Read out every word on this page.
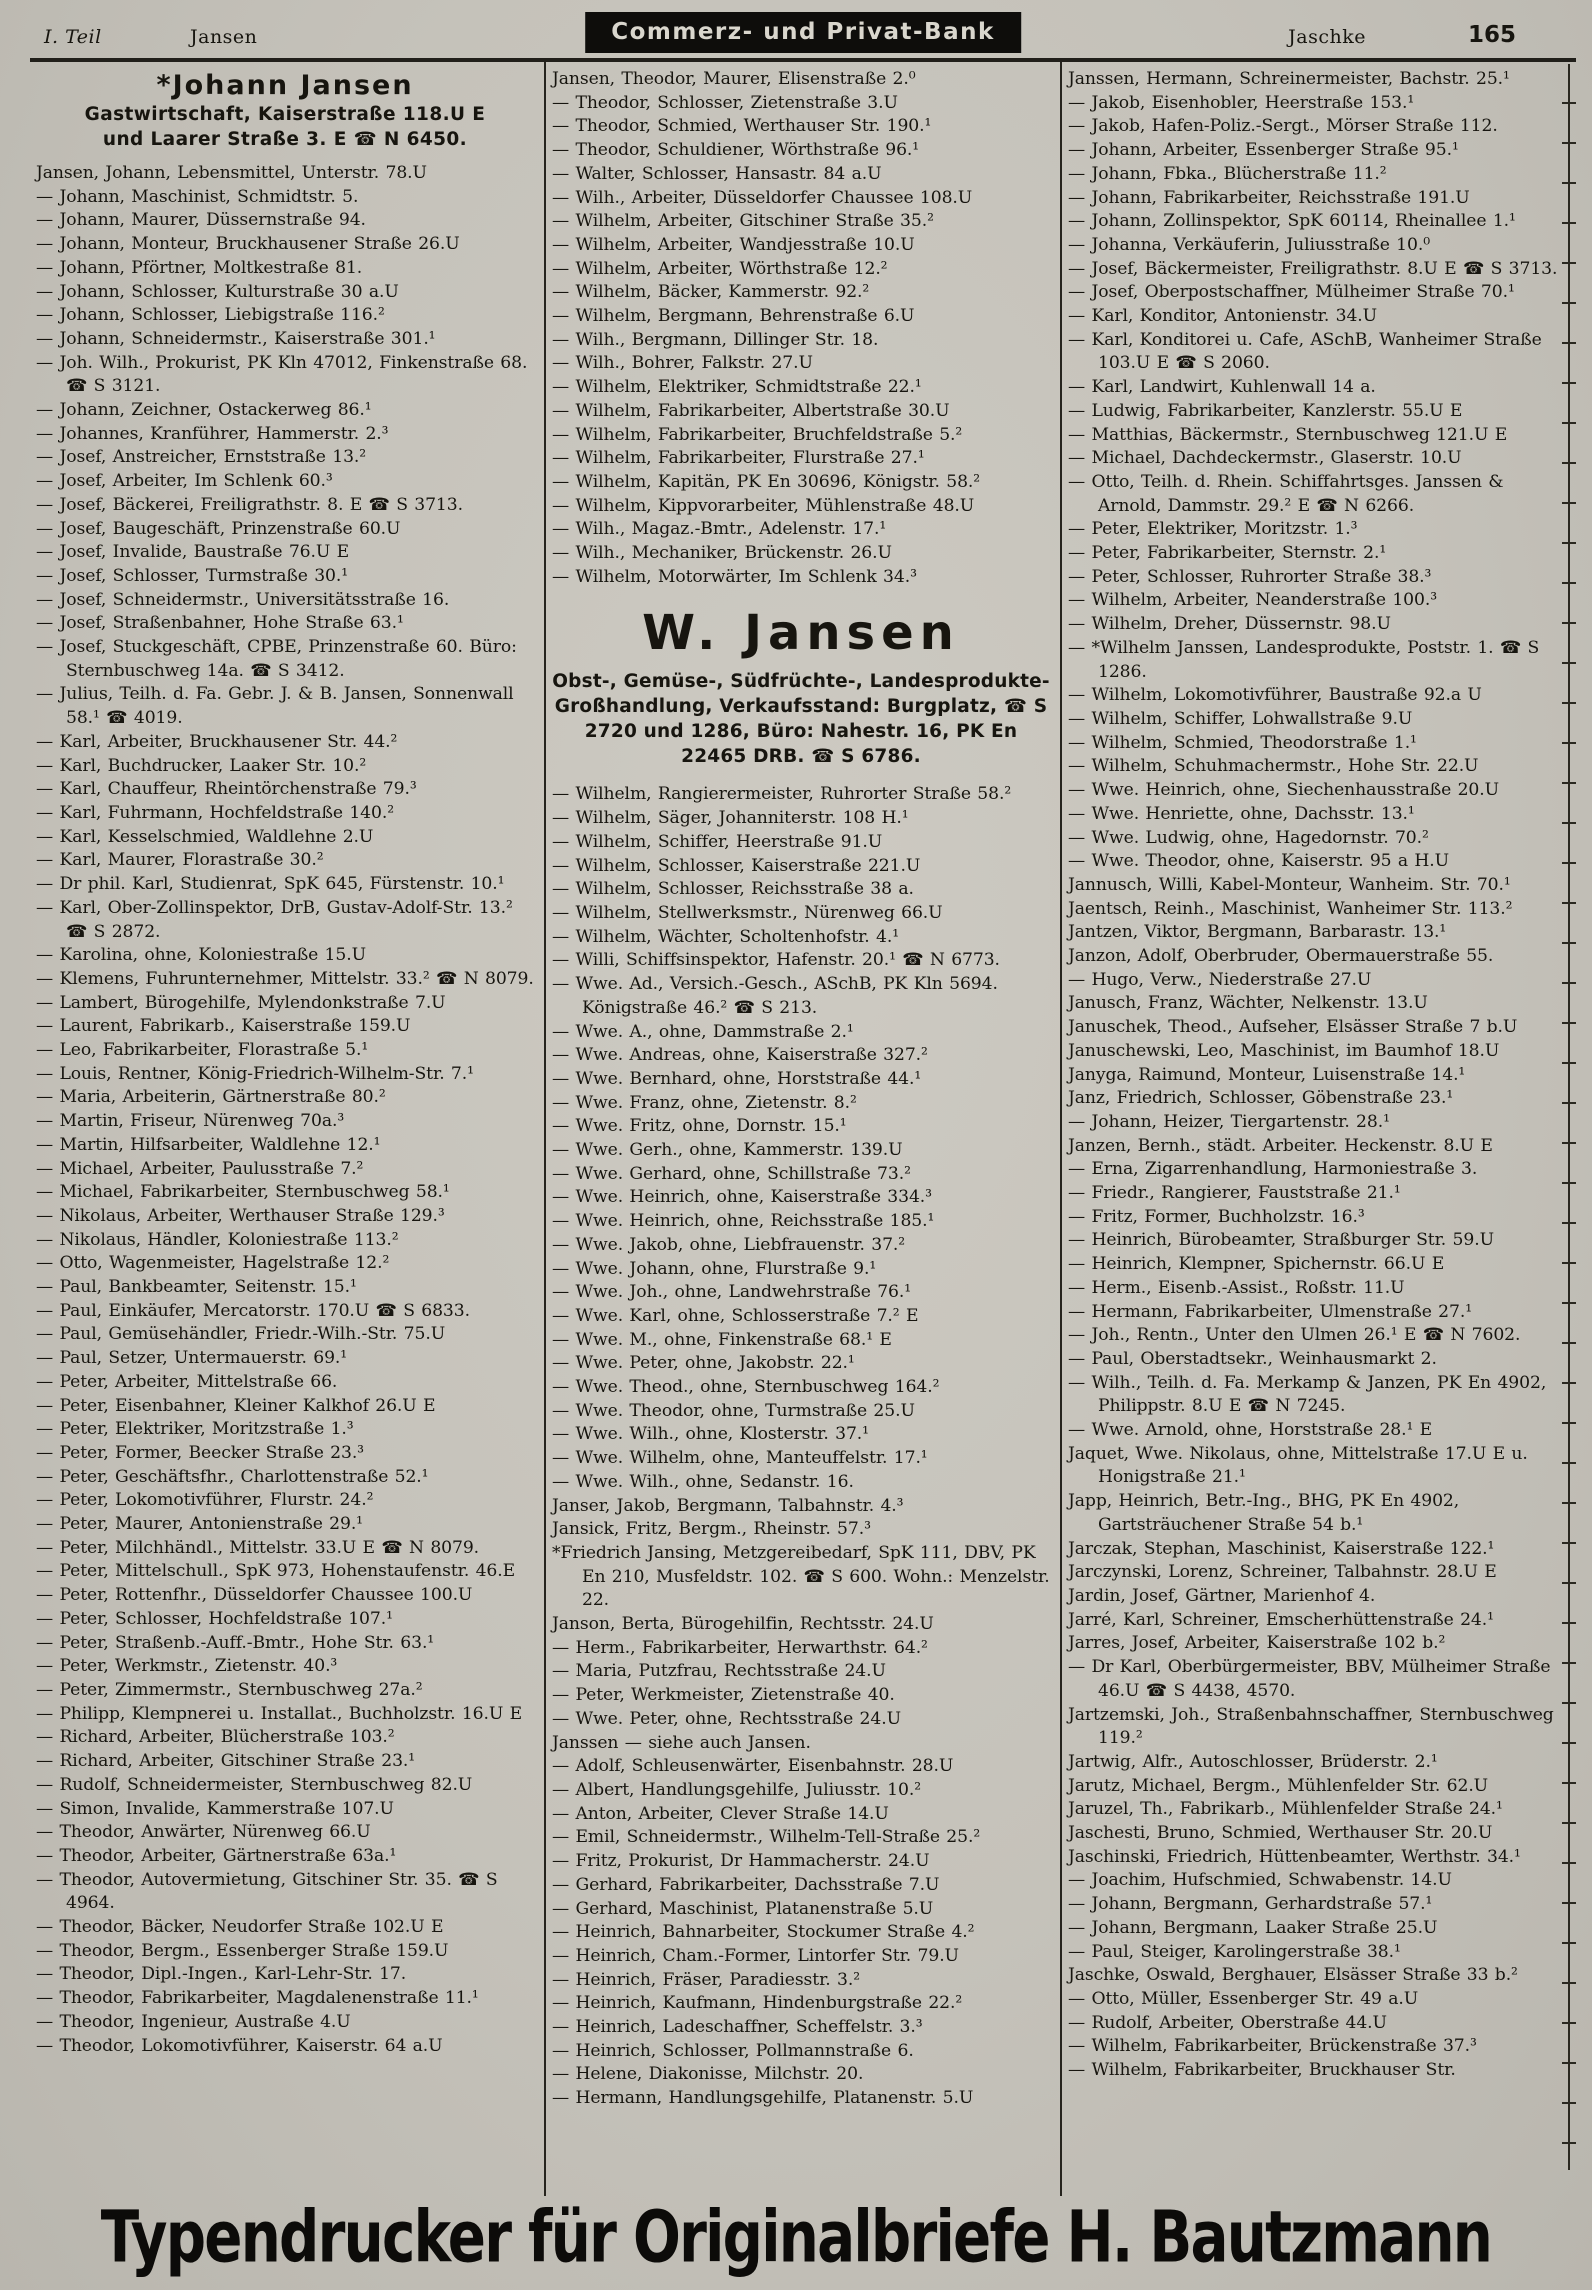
I. Teil	Jansen	Commerz- und Privat-Bank	Jaschke	165
*Johann Jansen
Gastwirtschaft, Kaiserstraße 118.U E
und Laarer Straße 3. E ☎ N 6450.
Jansen, Johann, Lebensmittel, Unterstr. 78.U
— Johann, Maschinist, Schmidtstr. 5.
— Johann, Maurer, Düssernstraße 94.
— Johann, Monteur, Bruckhausener Straße 26.U
— Johann, Pförtner, Moltkestraße 81.
— Johann, Schlosser, Kulturstraße 30 a.U
— Johann, Schlosser, Liebigstraße 116.²
— Johann, Schneidermstr., Kaiserstraße 301.¹
— Joh. Wilh., Prokurist, PK Kln 47012, Finkenstraße 68. ☎ S 3121.
— Johann, Zeichner, Ostackerweg 86.¹
— Johannes, Kranführer, Hammerstr. 2.³
— Josef, Anstreicher, Ernststraße 13.²
— Josef, Arbeiter, Im Schlenk 60.³
— Josef, Bäckerei, Freiligrathstr. 8. E ☎ S 3713.
— Josef, Baugeschäft, Prinzenstraße 60.U
— Josef, Invalide, Baustraße 76.U E
— Josef, Schlosser, Turmstraße 30.¹
— Josef, Schneidermstr., Universitätsstraße 16.
— Josef, Straßenbahner, Hohe Straße 63.¹
— Josef, Stuckgeschäft, CPBE, Prinzenstraße 60. Büro: Sternbuschweg 14a. ☎ S 3412.
— Julius, Teilh. d. Fa. Gebr. J. & B. Jansen, Sonnenwall 58.¹ ☎ 4019.
— Karl, Arbeiter, Bruckhausener Str. 44.²
— Karl, Buchdrucker, Laaker Str. 10.²
— Karl, Chauffeur, Rheintörchenstraße 79.³
— Karl, Fuhrmann, Hochfeldstraße 140.²
— Karl, Kesselschmied, Waldlehne 2.U
— Karl, Maurer, Florastraße 30.²
— Dr phil. Karl, Studienrat, SpK 645, Fürstenstr. 10.¹
— Karl, Ober-Zollinspektor, DrB, Gustav-Adolf-Str. 13.² ☎ S 2872.
— Karolina, ohne, Koloniestraße 15.U
— Klemens, Fuhrunternehmer, Mittelstr. 33.² ☎ N 8079.
— Lambert, Bürogehilfe, Mylendonkstraße 7.U
— Laurent, Fabrikarb., Kaiserstraße 159.U
— Leo, Fabrikarbeiter, Florastraße 5.¹
— Louis, Rentner, König-Friedrich-Wilhelm-Str. 7.¹
— Maria, Arbeiterin, Gärtnerstraße 80.²
— Martin, Friseur, Nürenweg 70a.³
— Martin, Hilfsarbeiter, Waldlehne 12.¹
— Michael, Arbeiter, Paulusstraße 7.²
— Michael, Fabrikarbeiter, Sternbuschweg 58.¹
— Nikolaus, Arbeiter, Werthauser Straße 129.³
— Nikolaus, Händler, Koloniestraße 113.²
— Otto, Wagenmeister, Hagelstraße 12.²
— Paul, Bankbeamter, Seitenstr. 15.¹
— Paul, Einkäufer, Mercatorstr. 170.U ☎ S 6833.
— Paul, Gemüsehändler, Friedr.-Wilh.-Str. 75.U
— Paul, Setzer, Untermauerstr. 69.¹
— Peter, Arbeiter, Mittelstraße 66.
— Peter, Eisenbahner, Kleiner Kalkhof 26.U E
— Peter, Elektriker, Moritzstraße 1.³
— Peter, Former, Beecker Straße 23.³
— Peter, Geschäftsfhr., Charlottenstraße 52.¹
— Peter, Lokomotivführer, Flurstr. 24.²
— Peter, Maurer, Antonienstraße 29.¹
— Peter, Milchhändl., Mittelstr. 33.U E ☎ N 8079.
— Peter, Mittelschull., SpK 973, Hohenstaufenstr. 46.E
— Peter, Rottenfhr., Düsseldorfer Chaussee 100.U
— Peter, Schlosser, Hochfeldstraße 107.¹
— Peter, Straßenb.-Auff.-Bmtr., Hohe Str. 63.¹
— Peter, Werkmstr., Zietenstr. 40.³
— Peter, Zimmermstr., Sternbuschweg 27a.²
— Philipp, Klempnerei u. Installat., Buchholzstr. 16.U E
— Richard, Arbeiter, Blücherstraße 103.²
— Richard, Arbeiter, Gitschiner Straße 23.¹
— Rudolf, Schneidermeister, Sternbuschweg 82.U
— Simon, Invalide, Kammerstraße 107.U
— Theodor, Anwärter, Nürenweg 66.U
— Theodor, Arbeiter, Gärtnerstraße 63a.¹
— Theodor, Autovermietung, Gitschiner Str. 35. ☎ S 4964.
— Theodor, Bäcker, Neudorfer Straße 102.U E
— Theodor, Bergm., Essenberger Straße 159.U
— Theodor, Dipl.-Ingen., Karl-Lehr-Str. 17.
— Theodor, Fabrikarbeiter, Magdalenenstraße 11.¹
— Theodor, Ingenieur, Austraße 4.U
— Theodor, Lokomotivführer, Kaiserstr. 64 a.U
Jansen, Theodor, Maurer, Elisenstraße 2.⁰
— Theodor, Schlosser, Zietenstraße 3.U
— Theodor, Schmied, Werthauser Str. 190.¹
— Theodor, Schuldiener, Wörthstraße 96.¹
— Walter, Schlosser, Hansastr. 84 a.U
— Wilh., Arbeiter, Düsseldorfer Chaussee 108.U
— Wilhelm, Arbeiter, Gitschiner Straße 35.²
— Wilhelm, Arbeiter, Wandjesstraße 10.U
— Wilhelm, Arbeiter, Wörthstraße 12.²
— Wilhelm, Bäcker, Kammerstr. 92.²
— Wilhelm, Bergmann, Behrenstraße 6.U
— Wilh., Bergmann, Dillinger Str. 18.
— Wilh., Bohrer, Falkstr. 27.U
— Wilhelm, Elektriker, Schmidtstraße 22.¹
— Wilhelm, Fabrikarbeiter, Albertstraße 30.U
— Wilhelm, Fabrikarbeiter, Bruchfeldstraße 5.²
— Wilhelm, Fabrikarbeiter, Flurstraße 27.¹
— Wilhelm, Kapitän, PK En 30696, Königstr. 58.²
— Wilhelm, Kippvorarbeiter, Mühlenstraße 48.U
— Wilh., Magaz.-Bmtr., Adelenstr. 17.¹
— Wilh., Mechaniker, Brückenstr. 26.U
— Wilhelm, Motorwärter, Im Schlenk 34.³
W. Jansen
Obst-, Gemüse-, Südfrüchte-, Landesprodukte-Großhandlung, Verkaufsstand: Burgplatz, ☎ S 2720 und 1286, Büro: Nahestr. 16, PK En 22465 DRB. ☎ S 6786.
— Wilhelm, Rangierermeister, Ruhrorter Straße 58.²
— Wilhelm, Säger, Johanniterstr. 108 H.¹
— Wilhelm, Schiffer, Heerstraße 91.U
— Wilhelm, Schlosser, Kaiserstraße 221.U
— Wilhelm, Schlosser, Reichsstraße 38 a.
— Wilhelm, Stellwerksmstr., Nürenweg 66.U
— Wilhelm, Wächter, Scholtenhofstr. 4.¹
— Willi, Schiffsinspektor, Hafenstr. 20.¹ ☎ N 6773.
— Wwe. Ad., Versich.-Gesch., ASchB, PK Kln 5694. Königstraße 46.² ☎ S 213.
— Wwe. A., ohne, Dammstraße 2.¹
— Wwe. Andreas, ohne, Kaiserstraße 327.²
— Wwe. Bernhard, ohne, Horststraße 44.¹
— Wwe. Franz, ohne, Zietenstr. 8.²
— Wwe. Fritz, ohne, Dornstr. 15.¹
— Wwe. Gerh., ohne, Kammerstr. 139.U
— Wwe. Gerhard, ohne, Schillstraße 73.²
— Wwe. Heinrich, ohne, Kaiserstraße 334.³
— Wwe. Heinrich, ohne, Reichsstraße 185.¹
— Wwe. Jakob, ohne, Liebfrauenstr. 37.²
— Wwe. Johann, ohne, Flurstraße 9.¹
— Wwe. Joh., ohne, Landwehrstraße 76.¹
— Wwe. Karl, ohne, Schlosserstraße 7.² E
— Wwe. M., ohne, Finkenstraße 68.¹ E
— Wwe. Peter, ohne, Jakobstr. 22.¹
— Wwe. Theod., ohne, Sternbuschweg 164.²
— Wwe. Theodor, ohne, Turmstraße 25.U
— Wwe. Wilh., ohne, Klosterstr. 37.¹
— Wwe. Wilhelm, ohne, Manteuffelstr. 17.¹
— Wwe. Wilh., ohne, Sedanstr. 16.
Janser, Jakob, Bergmann, Talbahnstr. 4.³
Jansick, Fritz, Bergm., Rheinstr. 57.³
*Friedrich Jansing, Metzgereibedarf, SpK 111, DBV, PK En 210, Musfeldstr. 102. ☎ S 600. Wohn.: Menzelstr. 22.
Janson, Berta, Bürogehilfin, Rechtsstr. 24.U
— Herm., Fabrikarbeiter, Herwarthstr. 64.²
— Maria, Putzfrau, Rechtsstraße 24.U
— Peter, Werkmeister, Zietenstraße 40.
— Wwe. Peter, ohne, Rechtsstraße 24.U
Janssen — siehe auch Jansen.
— Adolf, Schleusenwärter, Eisenbahnstr. 28.U
— Albert, Handlungsgehilfe, Juliusstr. 10.²
— Anton, Arbeiter, Clever Straße 14.U
— Emil, Schneidermstr., Wilhelm-Tell-Straße 25.²
— Fritz, Prokurist, Dr Hammacherstr. 24.U
— Gerhard, Fabrikarbeiter, Dachsstraße 7.U
— Gerhard, Maschinist, Platanenstraße 5.U
— Heinrich, Bahnarbeiter, Stockumer Straße 4.²
— Heinrich, Cham.-Former, Lintorfer Str. 79.U
— Heinrich, Fräser, Paradiesstr. 3.²
— Heinrich, Kaufmann, Hindenburgstraße 22.²
— Heinrich, Ladeschaffner, Scheffelstr. 3.³
— Heinrich, Schlosser, Pollmannstraße 6.
— Helene, Diakonisse, Milchstr. 20.
— Hermann, Handlungsgehilfe, Platanenstr. 5.U
Janssen, Hermann, Schreinermeister, Bachstr. 25.¹
— Jakob, Eisenhobler, Heerstraße 153.¹
— Jakob, Hafen-Poliz.-Sergt., Mörser Straße 112.
— Johann, Arbeiter, Essenberger Straße 95.¹
— Johann, Fbka., Blücherstraße 11.²
— Johann, Fabrikarbeiter, Reichsstraße 191.U
— Johann, Zollinspektor, SpK 60114, Rheinallee 1.¹
— Johanna, Verkäuferin, Juliusstraße 10.⁰
— Josef, Bäckermeister, Freiligrathstr. 8.U E ☎ S 3713.
— Josef, Oberpostschaffner, Mülheimer Straße 70.¹
— Karl, Konditor, Antonienstr. 34.U
— Karl, Konditorei u. Cafe, ASchB, Wanheimer Straße 103.U E ☎ S 2060.
— Karl, Landwirt, Kuhlenwall 14 a.
— Ludwig, Fabrikarbeiter, Kanzlerstr. 55.U E
— Matthias, Bäckermstr., Sternbuschweg 121.U E
— Michael, Dachdeckermstr., Glaserstr. 10.U
— Otto, Teilh. d. Rhein. Schiffahrtsges. Janssen & Arnold, Dammstr. 29.² E ☎ N 6266.
— Peter, Elektriker, Moritzstr. 1.³
— Peter, Fabrikarbeiter, Sternstr. 2.¹
— Peter, Schlosser, Ruhrorter Straße 38.³
— Wilhelm, Arbeiter, Neanderstraße 100.³
— Wilhelm, Dreher, Düssernstr. 98.U
— *Wilhelm Janssen, Landesprodukte, Poststr. 1. ☎ S 1286.
— Wilhelm, Lokomotivführer, Baustraße 92.a U
— Wilhelm, Schiffer, Lohwallstraße 9.U
— Wilhelm, Schmied, Theodorstraße 1.¹
— Wilhelm, Schuhmachermstr., Hohe Str. 22.U
— Wwe. Heinrich, ohne, Siechenhausstraße 20.U
— Wwe. Henriette, ohne, Dachsstr. 13.¹
— Wwe. Ludwig, ohne, Hagedornstr. 70.²
— Wwe. Theodor, ohne, Kaiserstr. 95 a H.U
Jannusch, Willi, Kabel-Monteur, Wanheim. Str. 70.¹
Jaentsch, Reinh., Maschinist, Wanheimer Str. 113.²
Jantzen, Viktor, Bergmann, Barbarastr. 13.¹
Janzon, Adolf, Oberbruder, Obermauerstraße 55.
— Hugo, Verw., Niederstraße 27.U
Janusch, Franz, Wächter, Nelkenstr. 13.U
Januschek, Theod., Aufseher, Elsässer Straße 7 b.U
Januschewski, Leo, Maschinist, im Baumhof 18.U
Janyga, Raimund, Monteur, Luisenstraße 14.¹
Janz, Friedrich, Schlosser, Göbenstraße 23.¹
— Johann, Heizer, Tiergartenstr. 28.¹
Janzen, Bernh., städt. Arbeiter. Heckenstr. 8.U E
— Erna, Zigarrenhandlung, Harmoniestraße 3.
— Friedr., Rangierer, Fauststraße 21.¹
— Fritz, Former, Buchholzstr. 16.³
— Heinrich, Bürobeamter, Straßburger Str. 59.U
— Heinrich, Klempner, Spichernstr. 66.U E
— Herm., Eisenb.-Assist., Roßstr. 11.U
— Hermann, Fabrikarbeiter, Ulmenstraße 27.¹
— Joh., Rentn., Unter den Ulmen 26.¹ E ☎ N 7602.
— Paul, Oberstadtsekr., Weinhausmarkt 2.
— Wilh., Teilh. d. Fa. Merkamp & Janzen, PK En 4902, Philippstr. 8.U E ☎ N 7245.
— Wwe. Arnold, ohne, Horststraße 28.¹ E
Jaquet, Wwe. Nikolaus, ohne, Mittelstraße 17.U E u. Honigstraße 21.¹
Japp, Heinrich, Betr.-Ing., BHG, PK En 4902, Gartsträuchener Straße 54 b.¹
Jarczak, Stephan, Maschinist, Kaiserstraße 122.¹
Jarczynski, Lorenz, Schreiner, Talbahnstr. 28.U E
Jardin, Josef, Gärtner, Marienhof 4.
Jarré, Karl, Schreiner, Emscherhüttenstraße 24.¹
Jarres, Josef, Arbeiter, Kaiserstraße 102 b.²
— Dr Karl, Oberbürgermeister, BBV, Mülheimer Straße 46.U ☎ S 4438, 4570.
Jartzemski, Joh., Straßenbahnschaffner, Sternbuschweg 119.²
Jartwig, Alfr., Autoschlosser, Brüderstr. 2.¹
Jarutz, Michael, Bergm., Mühlenfelder Str. 62.U
Jaruzel, Th., Fabrikarb., Mühlenfelder Straße 24.¹
Jaschesti, Bruno, Schmied, Werthauser Str. 20.U
Jaschinski, Friedrich, Hüttenbeamter, Werthstr. 34.¹
— Joachim, Hufschmied, Schwabenstr. 14.U
— Johann, Bergmann, Gerhardstraße 57.¹
— Johann, Bergmann, Laaker Straße 25.U
— Paul, Steiger, Karolingerstraße 38.¹
Jaschke, Oswald, Berghauer, Elsässer Straße 33 b.²
— Otto, Müller, Essenberger Str. 49 a.U
— Rudolf, Arbeiter, Oberstraße 44.U
— Wilhelm, Fabrikarbeiter, Brückenstraße 37.³
— Wilhelm, Fabrikarbeiter, Bruckhauser Str.
Typendrucker für Originalbriefe H. Bautzmann
